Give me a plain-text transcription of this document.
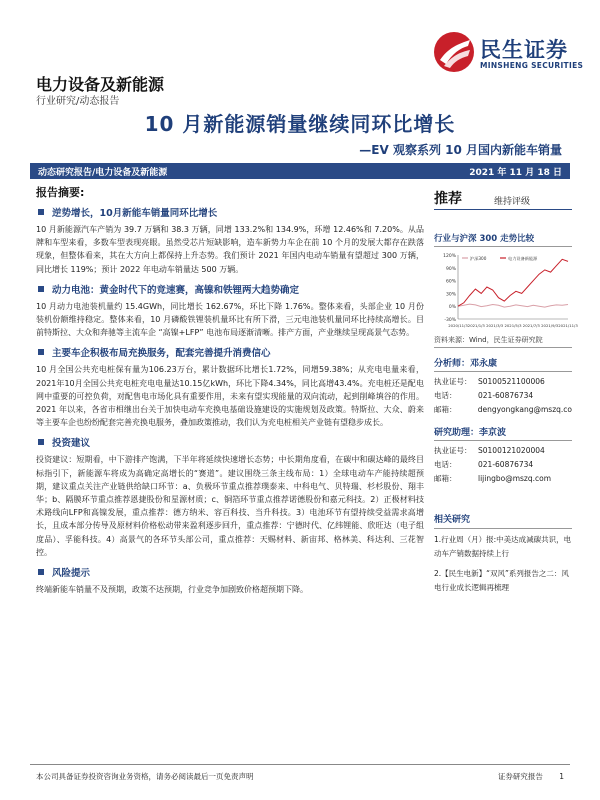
民生证券
MINSHENG SECURITIES
电力设备及新能源
行业研究/动态报告
10 月新能源销量继续同环比增长
—EV 观察系列 10 月国内新能车销量
动态研究报告/电力设备及新能源	2021 年 11 月 18 日
报告摘要:
逆势增长，10月新能车销量同环比增长

10 月新能源汽车产销为 39.7 万辆和 38.3 万辆，同增 133.2%和 134.9%，环增 12.46%和 7.20%。从品牌和车型来看，多数车型表现亮眼。虽然受芯片短缺影响，造车新势力车企在前 10 个月的发展大都存在跌落现象，但整体看来，其在大方向上都保持上升态势。我们预计 2021 年国内电动车销量有望超过 300 万辆，同比增长 119%；预计 2022 年电动车销量达 500 万辆。

动力电池：黄金时代下的竞速赛，高镍和铁锂两大趋势确定

10 月动力电池装机量约 15.4GWh，同比增长 162.67%，环比下降 1.76%。整体来看，头部企业 10 月份装机份额维持稳定。整体来看，10 月磷酸铁锂装机量环比有所下滑，三元电池装机量同环比持续高增长。目前特斯拉、大众和奔驰等主流车企 “高镍+LFP” 电池布局逐渐清晰。排产方面，产业继续呈现高景气态势。

主要车企积极布局充换服务，配套完善提升消费信心

10 月全国公共充电桩保有量为106.23万台，累计数据环比增长1.72%，同增59.38%；从充电电量来看，2021年10月全国公共充电桩充电电量达10.15亿kWh，环比下降4.34%，同比高增43.4%。充电桩还是配电网中重要的可控负荷，对配售电市场化具有重要作用，未来有望实现能量的双向流动，起到削峰填谷的作用。2021 年以来，各省市相继出台关于加快电动车充换电基础设施建设的实施规划及政策。特斯拉、大众、蔚来等主要车企也纷纷配套完善充换电服务，叠加政策推动，我们认为充电桩相关产业链有望稳步成长。

投资建议

投资建议：短期看，中下游排产饱满，下半年将延续快速增长态势；中长期角度看，在碳中和碳达峰的最终目标指引下，新能源车将成为高确定高增长的“赛道”。建议围绕三条主线布局：1）全球电动车产能持续超预期，建议重点关注产业链供给缺口环节：a、负极环节重点推荐璞泰来、中科电气、贝特瑞、杉杉股份、翔丰华；b、隔膜环节重点推荐恩捷股份和星源材质；c、铜箔环节重点推荐诺德股份和嘉元科技。2）正极材料技术路线向LFP和高镍发展，重点推荐：德方纳米、容百科技、当升科技。3）电池环节有望持续受益需求高增长，且成本部分传导及原材料价格松动带来盈利逐步回升，重点推荐：宁德时代、亿纬锂能、欣旺达（电子组度品）、孚能科技。4）高景气的各环节头部公司，重点推荐：天赐材料、新宙邦、格林美、科达利、三花智控。

风险提示

终端新能车销量不及预期，政策不达预期，行业竞争加剧致价格超预期下降。

推荐	维持评级
行业与沪深 300 走势比较
120%
90%
60%
30%
0%
-30%
2020/11/3 2021/1/3 2021/3/3 2021/5/3 2021/7/3 2021/9/3 2021/11/3
沪深300	电力设备新能源
资料来源：Wind，民生证券研究院
分析师：邓永康
执业证号： S0100521100006
电话：	021-60876734
邮箱：	dengyongkang@mszq.co
研究助理：李京波
执业证号： S0100121020004
电话：	021-60876734
邮箱：	lijingbo@mszq.com
相关研究
1.行业周（月）报:中美达成减碳共识，电动车产销数据持续上行
2.【民生电新】“双风”系列报告之二：风电行业成长逻辑再梳理
本公司具备证券投资咨询业务资格，请务必阅读最后一页免责声明	证券研究报告 1
